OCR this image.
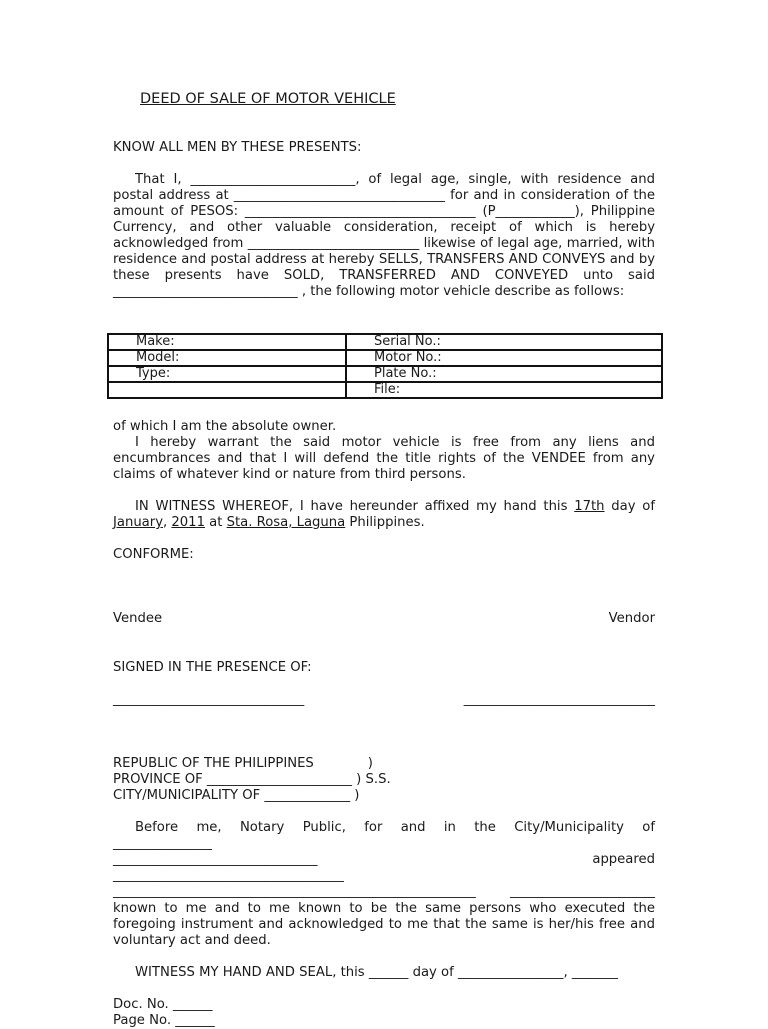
DEED OF SALE OF MOTOR VEHICLE
KNOW ALL MEN BY THESE PRESENTS:
That I, _________________________, of legal age, single, with residence and postal address at ________________________________ for and in consideration of the amount of PESOS: ___________________________________ (P____________), Philippine Currency, and other valuable consideration, receipt of which is hereby acknowledged from __________________________ likewise of legal age, married, with residence and postal address at hereby SELLS, TRANSFERS AND CONVEYS and by these presents have SOLD, TRANSFERRED AND CONVEYED unto said ____________________________ , the following motor vehicle describe as follows:
Make:	Serial No.:
Model:	Motor No.:
Type:	Plate No.:
	File:
of which I am the absolute owner.
I hereby warrant the said motor vehicle is free from any liens and encumbrances and that I will defend the title rights of the VENDEE from any claims of whatever kind or nature from third persons.
IN WITNESS WHEREOF, I have hereunder affixed my hand this 17th day of January, 2011 at Sta. Rosa, Laguna Philippines.
CONFORME:
Vendee	Vendor
SIGNED IN THE PRESENCE OF:
_____________________________	_____________________________
REPUBLIC OF THE PHILIPPINES	)
PROVINCE OF ______________________ ) S.S.
CITY/MUNICIPALITY OF _____________ )
Before me, Notary Public, for and in the City/Municipality of
_______________
_______________________________	appeared
___________________________________
_______________________________________________________	______________________
known to me and to me known to be the same persons who executed the foregoing instrument and acknowledged to me that the same is her/his free and voluntary act and deed.
WITNESS MY HAND AND SEAL, this ______ day of ________________, _______
Doc. No. ______
Page No. ______
